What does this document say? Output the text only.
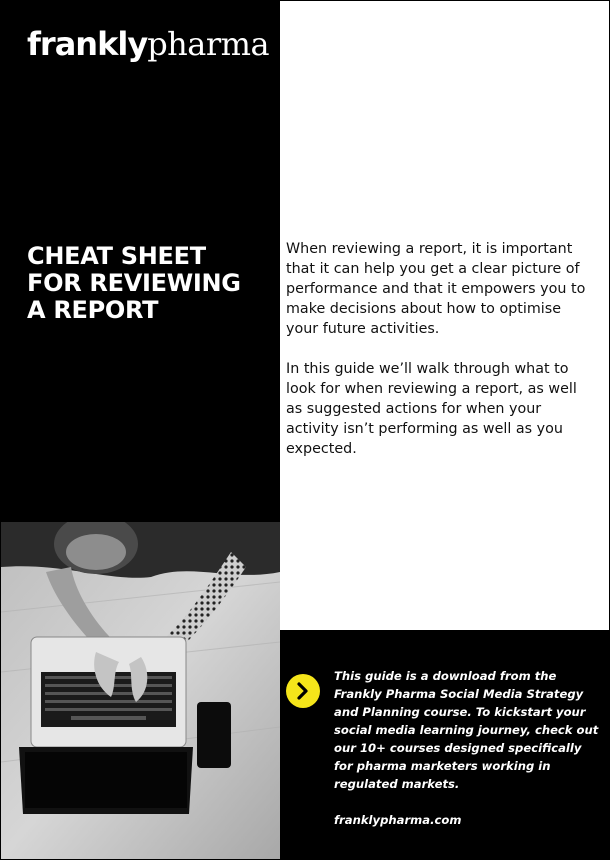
franklypharma
CHEAT SHEET
FOR REVIEWING
A REPORT

When reviewing a report, it is important that it can help you get a clear picture of performance and that it empowers you to make decisions about how to optimise your future activities.

In this guide we’ll walk through what to look for when reviewing a report, as well as suggested actions for when your activity isn’t performing as well as you expected.

This guide is a download from the Frankly Pharma Social Media Strategy and Planning course. To kickstart your social media learning journey, check out our 10+ courses designed specifically for pharma marketers working in regulated markets.

franklypharma.com
